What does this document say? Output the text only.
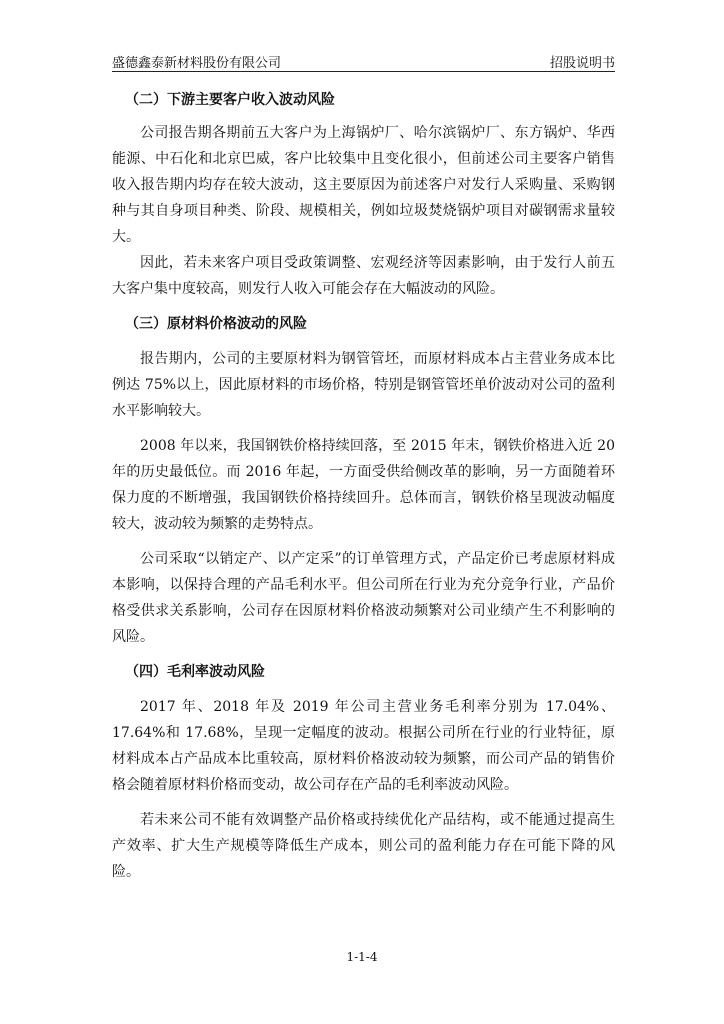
盛德鑫泰新材料股份有限公司	招股说明书
（二）下游主要客户收入波动风险

公司报告期各期前五大客户为上海锅炉厂、哈尔滨锅炉厂、东方锅炉、华西能源、中石化和北京巴威，客户比较集中且变化很小，但前述公司主要客户销售收入报告期内均存在较大波动，这主要原因为前述客户对发行人采购量、采购钢种与其自身项目种类、阶段、规模相关，例如垃圾焚烧锅炉项目对碳钢需求量较大。

因此，若未来客户项目受政策调整、宏观经济等因素影响，由于发行人前五大客户集中度较高，则发行人收入可能会存在大幅波动的风险。

（三）原材料价格波动的风险

报告期内，公司的主要原材料为钢管管坯，而原材料成本占主营业务成本比例达 75%以上，因此原材料的市场价格，特别是钢管管坯单价波动对公司的盈利水平影响较大。

2008 年以来，我国钢铁价格持续回落，至 2015 年末，钢铁价格进入近 20 年的历史最低位。而 2016 年起，一方面受供给侧改革的影响，另一方面随着环保力度的不断增强，我国钢铁价格持续回升。总体而言，钢铁价格呈现波动幅度较大，波动较为频繁的走势特点。

公司采取“以销定产、以产定采”的订单管理方式，产品定价已考虑原材料成本影响，以保持合理的产品毛利水平。但公司所在行业为充分竞争行业，产品价格受供求关系影响，公司存在因原材料价格波动频繁对公司业绩产生不利影响的风险。

（四）毛利率波动风险

2017 年、2018 年及 2019 年公司主营业务毛利率分别为 17.04%、17.64%和 17.68%，呈现一定幅度的波动。根据公司所在行业的行业特征，原材料成本占产品成本比重较高，原材料价格波动较为频繁，而公司产品的销售价格会随着原材料价格而变动，故公司存在产品的毛利率波动风险。

若未来公司不能有效调整产品价格或持续优化产品结构，或不能通过提高生产效率、扩大生产规模等降低生产成本，则公司的盈利能力存在可能下降的风险。

1-1-4
